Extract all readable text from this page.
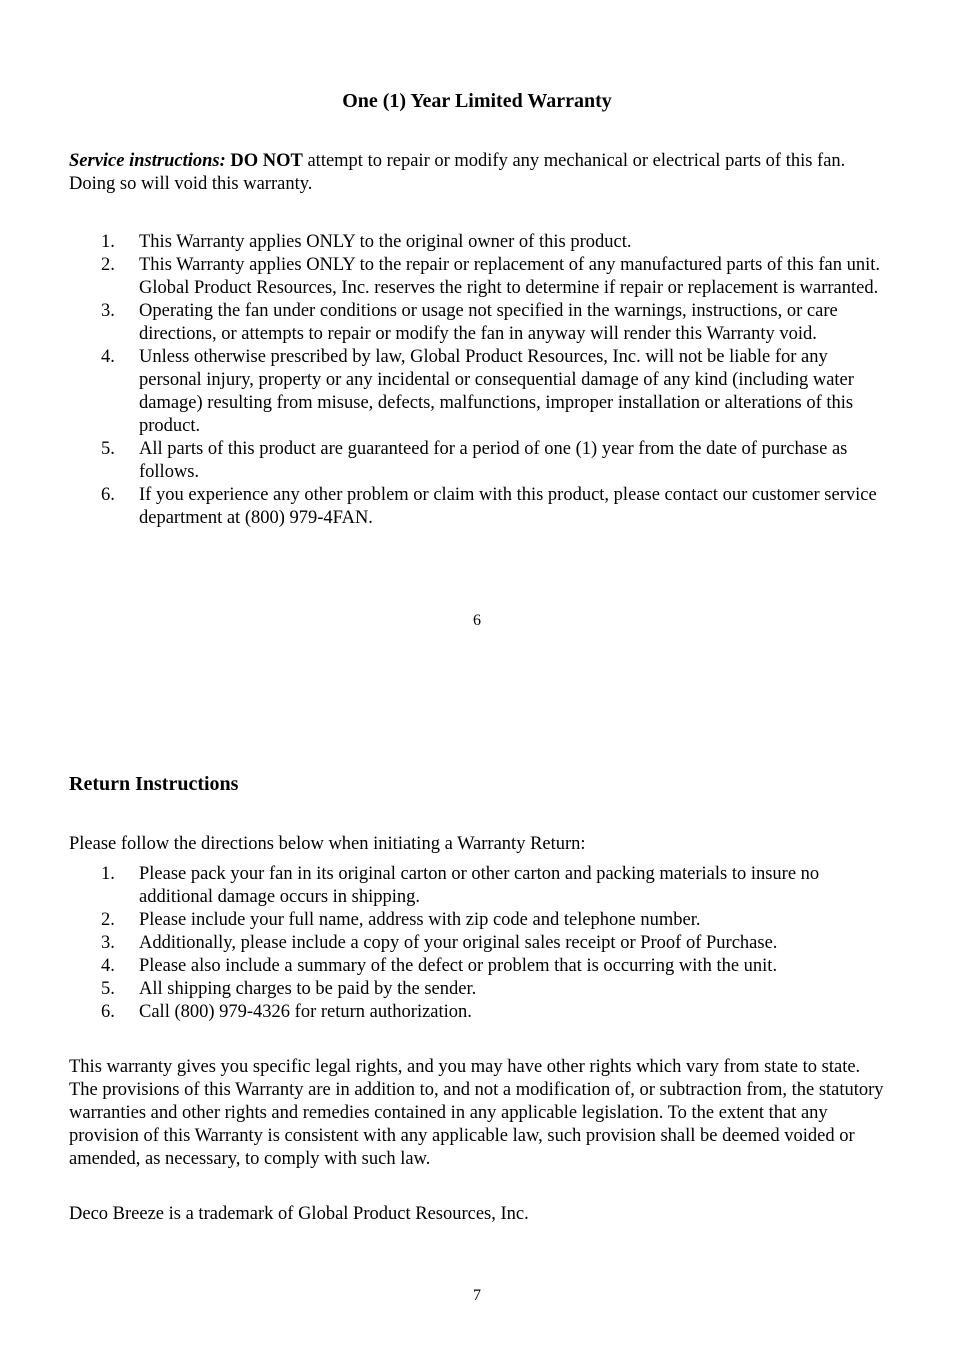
One (1) Year Limited Warranty
Service instructions: DO NOT attempt to repair or modify any mechanical or electrical parts of this fan. Doing so will void this warranty.
1.	This Warranty applies ONLY to the original owner of this product.
2.	This Warranty applies ONLY to the repair or replacement of any manufactured parts of this fan unit. Global Product Resources, Inc. reserves the right to determine if repair or replacement is warranted.
3.	Operating the fan under conditions or usage not specified in the warnings, instructions, or care directions, or attempts to repair or modify the fan in anyway will render this Warranty void.
4.	Unless otherwise prescribed by law, Global Product Resources, Inc. will not be liable for any personal injury, property or any incidental or consequential damage of any kind (including water damage) resulting from misuse, defects, malfunctions, improper installation or alterations of this product.
5.	All parts of this product are guaranteed for a period of one (1) year from the date of purchase as follows.
6.	If you experience any other problem or claim with this product, please contact our customer service department at (800) 979-4FAN.
6
Return Instructions
Please follow the directions below when initiating a Warranty Return:
1.	Please pack your fan in its original carton or other carton and packing materials to insure no additional damage occurs in shipping.
2.	Please include your full name, address with zip code and telephone number.
3.	Additionally, please include a copy of your original sales receipt or Proof of Purchase.
4.	Please also include a summary of the defect or problem that is occurring with the unit.
5.	All shipping charges to be paid by the sender.
6.	Call (800) 979-4326 for return authorization.
This warranty gives you specific legal rights, and you may have other rights which vary from state to state. The provisions of this Warranty are in addition to, and not a modification of, or subtraction from, the statutory warranties and other rights and remedies contained in any applicable legislation. To the extent that any provision of this Warranty is consistent with any applicable law, such provision shall be deemed voided or amended, as necessary, to comply with such law.
Deco Breeze is a trademark of Global Product Resources, Inc.
7
